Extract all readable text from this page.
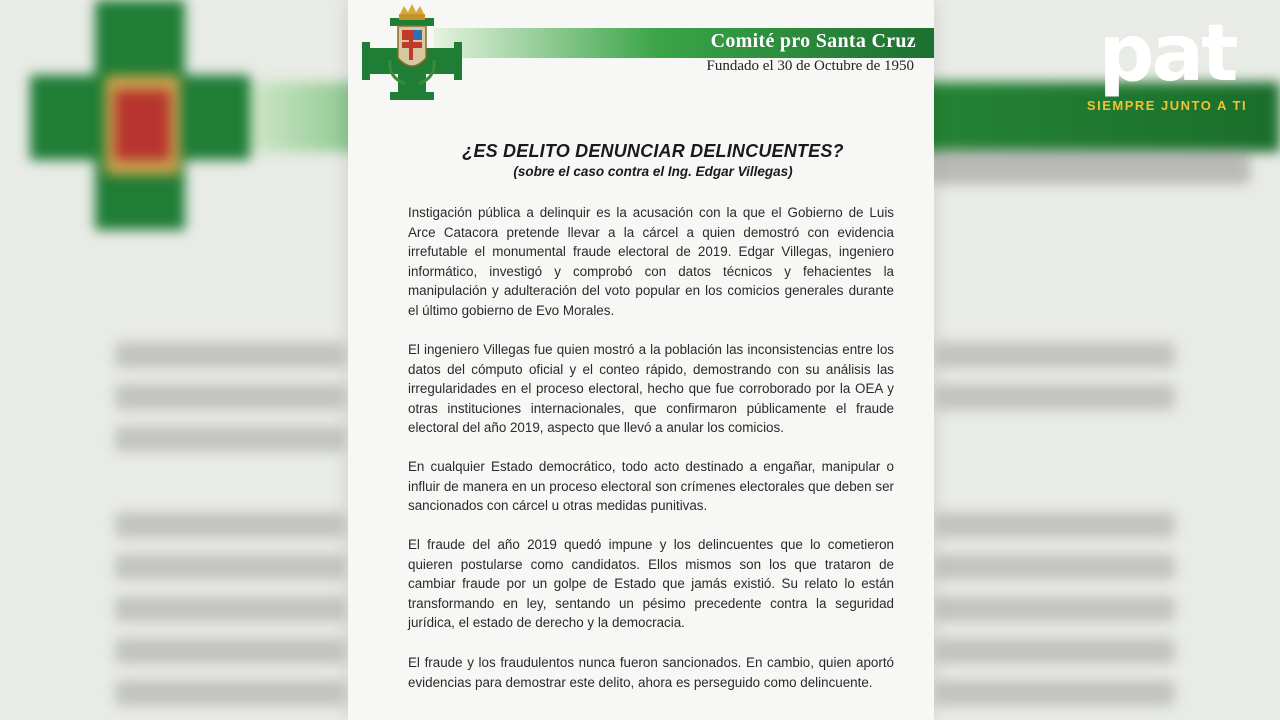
Comité pro Santa Cruz
Fundado el 30 de Octubre de 1950
¿ES DELITO DENUNCIAR DELINCUENTES?
(sobre el caso contra el Ing. Edgar Villegas)
Instigación pública a delinquir es la acusación con la que el Gobierno de Luis Arce Catacora pretende llevar a la cárcel a quien demostró con evidencia irrefutable el monumental fraude electoral de 2019. Edgar Villegas, ingeniero informático, investigó y comprobó con datos técnicos y fehacientes la manipulación y adulteración del voto popular en los comicios generales durante el último gobierno de Evo Morales.
El ingeniero Villegas fue quien mostró a la población las inconsistencias entre los datos del cómputo oficial y el conteo rápido, demostrando con su análisis las irregularidades en el proceso electoral, hecho que fue corroborado por la OEA y otras instituciones internacionales, que confirmaron públicamente el fraude electoral del año 2019, aspecto que llevó a anular los comicios.
En cualquier Estado democrático, todo acto destinado a engañar, manipular o influir de manera en un proceso electoral son crímenes electorales que deben ser sancionados con cárcel u otras medidas punitivas.
El fraude del año 2019 quedó impune y los delincuentes que lo cometieron quieren postularse como candidatos. Ellos mismos son los que trataron de cambiar fraude por un golpe de Estado que jamás existió. Su relato lo están transformando en ley, sentando un pésimo precedente contra la seguridad jurídica, el estado de derecho y la democracia.
El fraude y los fraudulentos nunca fueron sancionados. En cambio, quien aportó evidencias para demostrar este delito, ahora es perseguido como delincuente.
pat
SIEMPRE JUNTO A TI
